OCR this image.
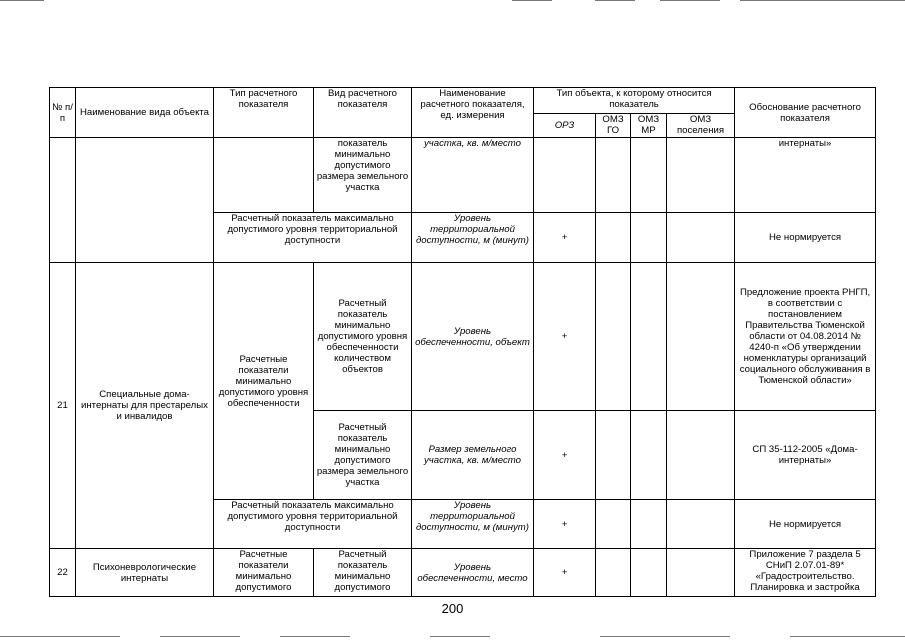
№ п/п	Наименование вида объекта	Тип расчетного показателя	Вид расчетного показателя	Наименование расчетного показателя, ед. измерения	Тип объекта, к которому относится показатель				Обоснование расчетного показателя
					ОРЗ	ОМЗ ГО	ОМЗ МР	ОМЗ поселения	
			показатель минимально допустимого размера земельного участка	участка, кв. м/место					интернаты»
		Расчетный показатель максимально допустимого уровня территориальной доступности		Уровень территориальной доступности, м (минут)	+				Не нормируется
21	Специальные дома-интернаты для престарелых и инвалидов	Расчетные показатели минимально допустимого уровня обеспеченности	Расчетный показатель минимально допустимого уровня обеспеченности количеством объектов	Уровень обеспеченности, объект	+				Предложение проекта РНГП, в соответствии с постановлением Правительства Тюменской области от 04.08.2014 № 4240-п «Об утверждении номенклатуры организаций социального обслуживания в Тюменской области»
			Расчетный показатель минимально допустимого размера земельного участка	Размер земельного участка, кв. м/место	+				СП 35-112-2005 «Дома-интернаты»
		Расчетный показатель максимально допустимого уровня территориальной доступности		Уровень территориальной доступности, м (минут)	+				Не нормируется
22	Психоневрологические интернаты	Расчетные показатели минимально допустимого	Расчетный показатель минимально допустимого	Уровень обеспеченности, место	+				Приложение 7 раздела 5 СНиП 2.07.01-89* «Градостроительство. Планировка и застройка
200
